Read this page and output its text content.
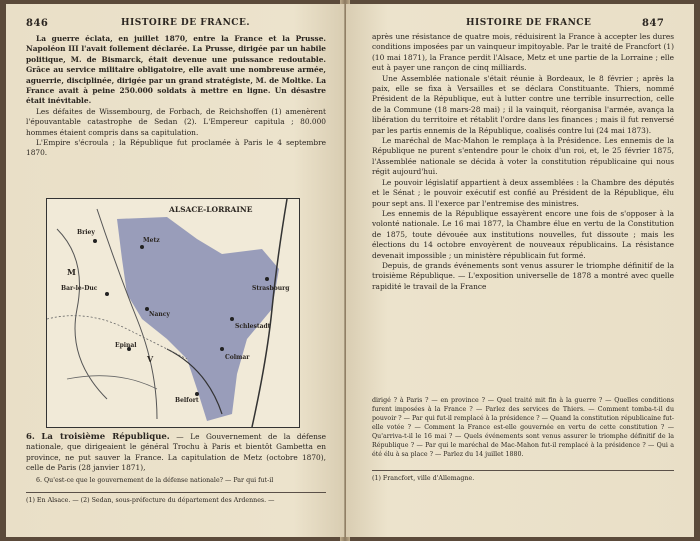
846	HISTOIRE DE FRANCE.

La guerre éclata, en juillet 1870, entre la France et la Prusse. Napoléon III l'avait follement déclarée. La Prusse, dirigée par un habile politique, M. de Bismarck, était devenue une puissance redoutable. Grâce au service militaire obligatoire, elle avait une nombreuse armée, aguerrie, disciplinée, dirigée par un grand stratégiste, M. de Moltke. La France avait à peine 250.000 soldats à mettre en ligne. Un désastre était inévitable.

Les défaites de Wissembourg, de Forbach, de Reichshoffen (1) amenèrent l'épouvantable catastrophe de Sedan (2). L'Empereur capitula ; 80.000 hommes étaient compris dans sa capitulation.

L'Empire s'écroula ; la République fut proclamée à Paris le 4 septembre 1870.

ALSACE-LORRAINE
Briey
Metz
M
Bar-le-Duc
Nancy
Epinal
Strasbourg
Schlestadt
Colmar
Belfort
V

6. La troisième République. — Le Gouvernement de la défense nationale, que dirigeaient le général Trochu à Paris et bientôt Gambetta en province, ne put sauver la France. La capitulation de Metz (octobre 1870), celle de Paris (28 janvier 1871),

6. Qu'est-ce que le gouvernement de la défense nationale? — Par qui fut-il

(1) En Alsace. — (2) Sedan, sous-préfecture du département des Ardennes. —
HISTOIRE DE FRANCE	847

après une résistance de quatre mois, réduisirent la France à accepter les dures conditions imposées par un vainqueur impitoyable. Par le traité de Francfort (1) (10 mai 1871), la France perdit l'Alsace, Metz et une partie de la Lorraine ; elle eut à payer une rançon de cinq milliards.

Une Assemblée nationale s'était réunie à Bordeaux, le 8 février ; après la paix, elle se fixa à Versailles et se déclara Constituante. Thiers, nommé Président de la République, eut à lutter contre une terrible insurrection, celle de la Commune (18 mars-28 mai) ; il la vainquit, réorganisa l'armée, avança la libération du territoire et rétablit l'ordre dans les finances ; mais il fut renversé par les partis ennemis de la République, coalisés contre lui (24 mai 1873).

Le maréchal de Mac-Mahon le remplaça à la Présidence. Les ennemis de la République ne purent s'entendre pour le choix d'un roi, et, le 25 février 1875, l'Assemblée nationale se décida à voter la constitution républicaine qui nous régit aujourd'hui.

Le pouvoir législatif appartient à deux assemblées : la Chambre des députés et le Sénat ; le pouvoir exécutif est confié au Président de la République, élu pour sept ans. Il l'exerce par l'entremise des ministres.

Les ennemis de la République essayèrent encore une fois de s'opposer à la volonté nationale. Le 16 mai 1877, la Chambre élue en vertu de la Constitution de 1875, toute dévouée aux institutions nouvelles, fut dissoute ; mais les élections du 14 octobre envoyèrent de nouveaux républicains. La résistance devenait impossible ; un ministère républicain fut formé.

Depuis, de grands événements sont venus assurer le triomphe définitif de la troisième République. — L'exposition universelle de 1878 a montré avec quelle rapidité le travail de la France

dirigé ? à Paris ? — en province ? — Quel traité mit fin à la guerre ? — Quelles conditions furent imposées à la France ? — Parlez des services de Thiers. — Comment tomba-t-il du pouvoir ? — Par qui fut-il remplacé à la présidence ? — Quand la constitution républicaine fut-elle votée ? — Comment la France est-elle gouvernée en vertu de cette constitution ? — Qu'arriva-t-il le 16 mai ? — Quels événements sont venus assurer le triomphe définitif de la République ? — Par qui le maréchal de Mac-Mahon fut-il remplacé à la présidence ? — Qui a été élu à sa place ? — Parlez du 14 juillet 1880.
(1) Francfort, ville d'Allemagne.
